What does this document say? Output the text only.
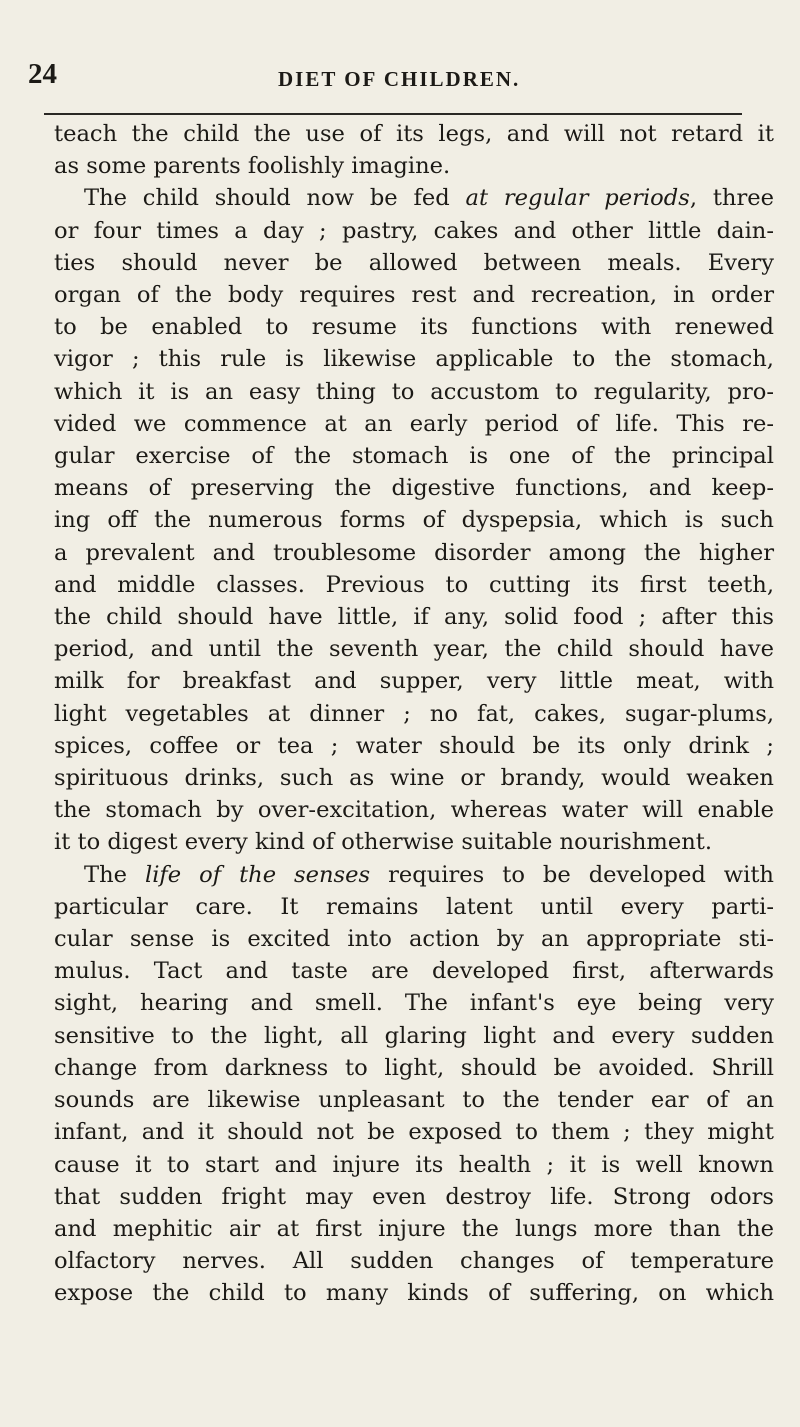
24	DIET OF CHILDREN.
teach the child the use of its legs, and will not retard it
as some parents foolishly imagine.
The child should now be fed at regular periods, three
or four times a day ; pastry, cakes and other little dain-
ties should never be allowed between meals. Every
organ of the body requires rest and recreation, in order
to be enabled to resume its functions with renewed
vigor ; this rule is likewise applicable to the stomach,
which it is an easy thing to accustom to regularity, pro-
vided we commence at an early period of life. This re-
gular exercise of the stomach is one of the principal
means of preserving the digestive functions, and keep-
ing off the numerous forms of dyspepsia, which is such
a prevalent and troublesome disorder among the higher
and middle classes. Previous to cutting its first teeth,
the child should have little, if any, solid food ; after this
period, and until the seventh year, the child should have
milk for breakfast and supper, very little meat, with
light vegetables at dinner ; no fat, cakes, sugar-plums,
spices, coffee or tea ; water should be its only drink ;
spirituous drinks, such as wine or brandy, would weaken
the stomach by over-excitation, whereas water will enable
it to digest every kind of otherwise suitable nourishment.
The life of the senses requires to be developed with
particular care. It remains latent until every parti-
cular sense is excited into action by an appropriate sti-
mulus. Tact and taste are developed first, afterwards
sight, hearing and smell. The infant's eye being very
sensitive to the light, all glaring light and every sudden
change from darkness to light, should be avoided. Shrill
sounds are likewise unpleasant to the tender ear of an
infant, and it should not be exposed to them ; they might
cause it to start and injure its health ; it is well known
that sudden fright may even destroy life. Strong odors
and mephitic air at first injure the lungs more than the
olfactory nerves. All sudden changes of temperature
expose the child to many kinds of suffering, on which
